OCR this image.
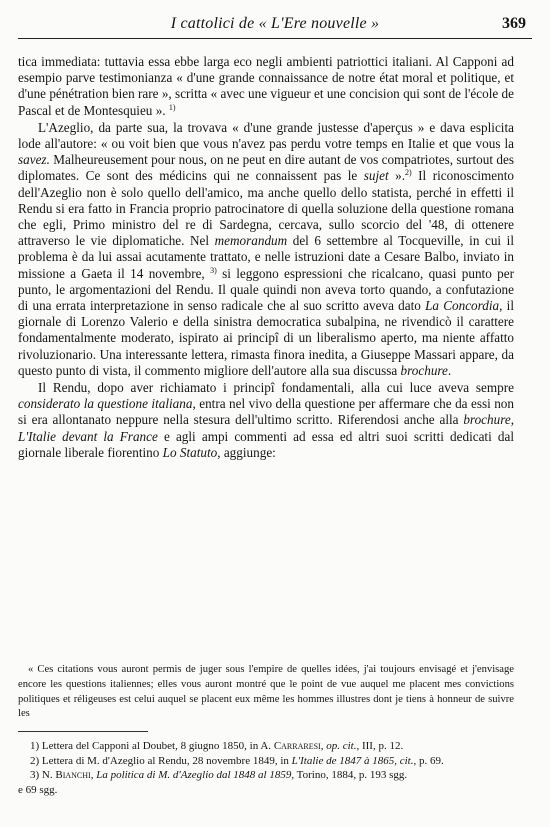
I cattolici de « L'Ere nouvelle »	369

tica immediata: tuttavia essa ebbe larga eco negli ambienti patriottici italiani. Al Capponi ad esempio parve testimonianza « d'une grande connaissance de notre état moral et politique, et d'une pénétration bien rare », scritta « avec une vigueur et une concision qui sont de l'école de Pascal et de Montesquieu ». $^{1)}$

L'Azeglio, da parte sua, la trovava « d'une grande justesse d'aperçus » e dava esplicita lode all'autore: « ou voit bien que vous n'avez pas perdu votre temps en Italie et que vous la savez. Malheureusement pour nous, on ne peut en dire autant de vos compatriotes, surtout des diplomates. Ce sont des médicins qui ne connaissent pas le sujet ».$^{2)}$ Il riconoscimento dell'Azeglio non è solo quello dell'amico, ma anche quello dello statista, perché in effetti il Rendu si era fatto in Francia proprio patrocinatore di quella soluzione della questione romana che egli, Primo ministro del re di Sardegna, cercava, sullo scorcio del '48, di ottenere attraverso le vie diplomatiche. Nel memorandum del 6 settembre al Tocqueville, in cui il problema è da lui assai acutamente trattato, e nelle istruzioni date a Cesare Balbo, inviato in missione a Gaeta il 14 novembre, $^{3)}$ si leggono espressioni che ricalcano, quasi punto per punto, le argomentazioni del Rendu. Il quale quindi non aveva torto quando, a confutazione di una errata interpretazione in senso radicale che al suo scritto aveva dato La Concordia, il giornale di Lorenzo Valerio e della sinistra democratica subalpina, ne rivendicò il carattere fondamentalmente moderato, ispirato ai principî di un liberalismo aperto, ma niente affatto rivoluzionario. Una interessante lettera, rimasta finora inedita, a Giuseppe Massari appare, da questo punto di vista, il commento migliore dell'autore alla sua discussa brochure.

Il Rendu, dopo aver richiamato i principî fondamentali, alla cui luce aveva sempre considerato la questione italiana, entra nel vivo della questione per affermare che da essi non si era allontanato neppure nella stesura dell'ultimo scritto. Riferendosi anche alla brochure, L'Italie devant la France e agli ampi commenti ad essa ed altri suoi scritti dedicati dal giornale liberale fiorentino Lo Statuto, aggiunge:

« Ces citations vous auront permis de juger sous l'empire de quelles idées, j'ai toujours envisagé et j'envisage encore les questions italiennes; elles vous auront montré que le point de vue auquel me placent mes convictions politiques et réligeuses est celui auquel se placent eux même les hommes illustres dont je tiens à honneur de suivre les

1) Lettera del Capponi al Doubet, 8 giugno 1850, in A. Carraresi, op. cit., III, p. 12.

2) Lettera di M. d'Azeglio al Rendu, 28 novembre 1849, in L'Italie de 1847 à 1865, cit., p. 69.

3) N. Bianchi, La politica di M. d'Azeglio dal 1848 al 1859, Torino, 1884, p. 193 sgg.

e 69 sgg.
